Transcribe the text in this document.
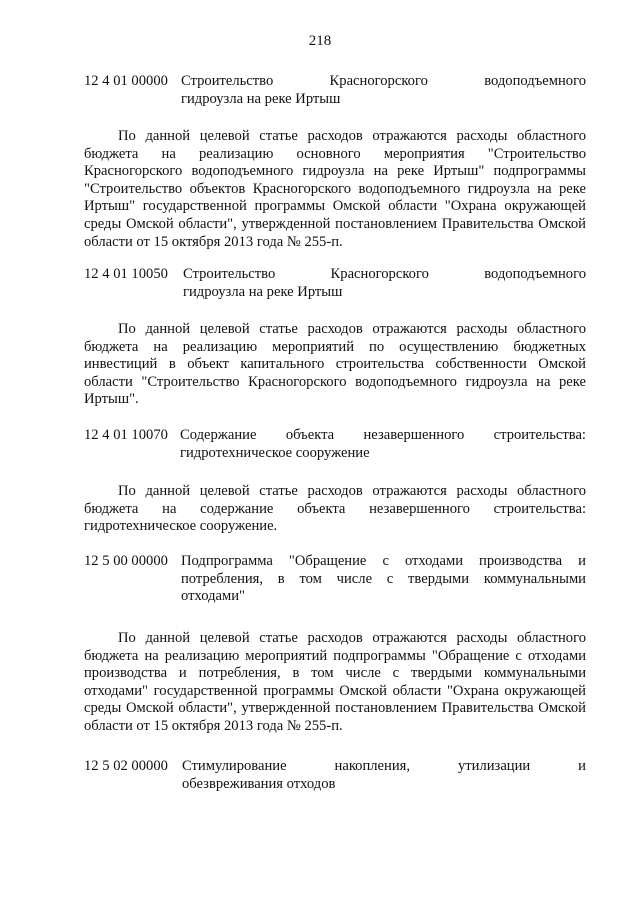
218
12 4 01 00000 Строительство Красногорского водоподъемного
гидроузла на реке Иртыш
По данной целевой статье расходов отражаются расходы областного бюджета на реализацию основного мероприятия "Строительство Красногорского водоподъемного гидроузла на реке Иртыш" подпрограммы "Строительство объектов Красногорского водоподъемного гидроузла на реке Иртыш" государственной программы Омской области "Охрана окружающей среды Омской области", утвержденной постановлением Правительства Омской области от 15 октября 2013 года № 255-п.
12 4 01 10050 Строительство Красногорского водоподъемного
гидроузла на реке Иртыш
По данной целевой статье расходов отражаются расходы областного бюджета на реализацию мероприятий по осуществлению бюджетных инвестиций в объект капитального строительства собственности Омской области "Строительство Красногорского водоподъемного гидроузла на реке Иртыш".
12 4 01 10070 Содержание объекта незавершенного строительства:
гидротехническое сооружение
По данной целевой статье расходов отражаются расходы областного бюджета на содержание объекта незавершенного строительства: гидротехническое сооружение.
12 5 00 00000 Подпрограмма "Обращение с отходами производства и
потребления, в том числе с твердыми коммунальными отходами"
По данной целевой статье расходов отражаются расходы областного бюджета на реализацию мероприятий подпрограммы "Обращение с отходами производства и потребления, в том числе с твердыми коммунальными отходами" государственной программы Омской области "Охрана окружающей среды Омской области", утвержденной постановлением Правительства Омской области от 15 октября 2013 года № 255-п.
12 5 02 00000 Стимулирование накопления, утилизации и
обезвреживания отходов
